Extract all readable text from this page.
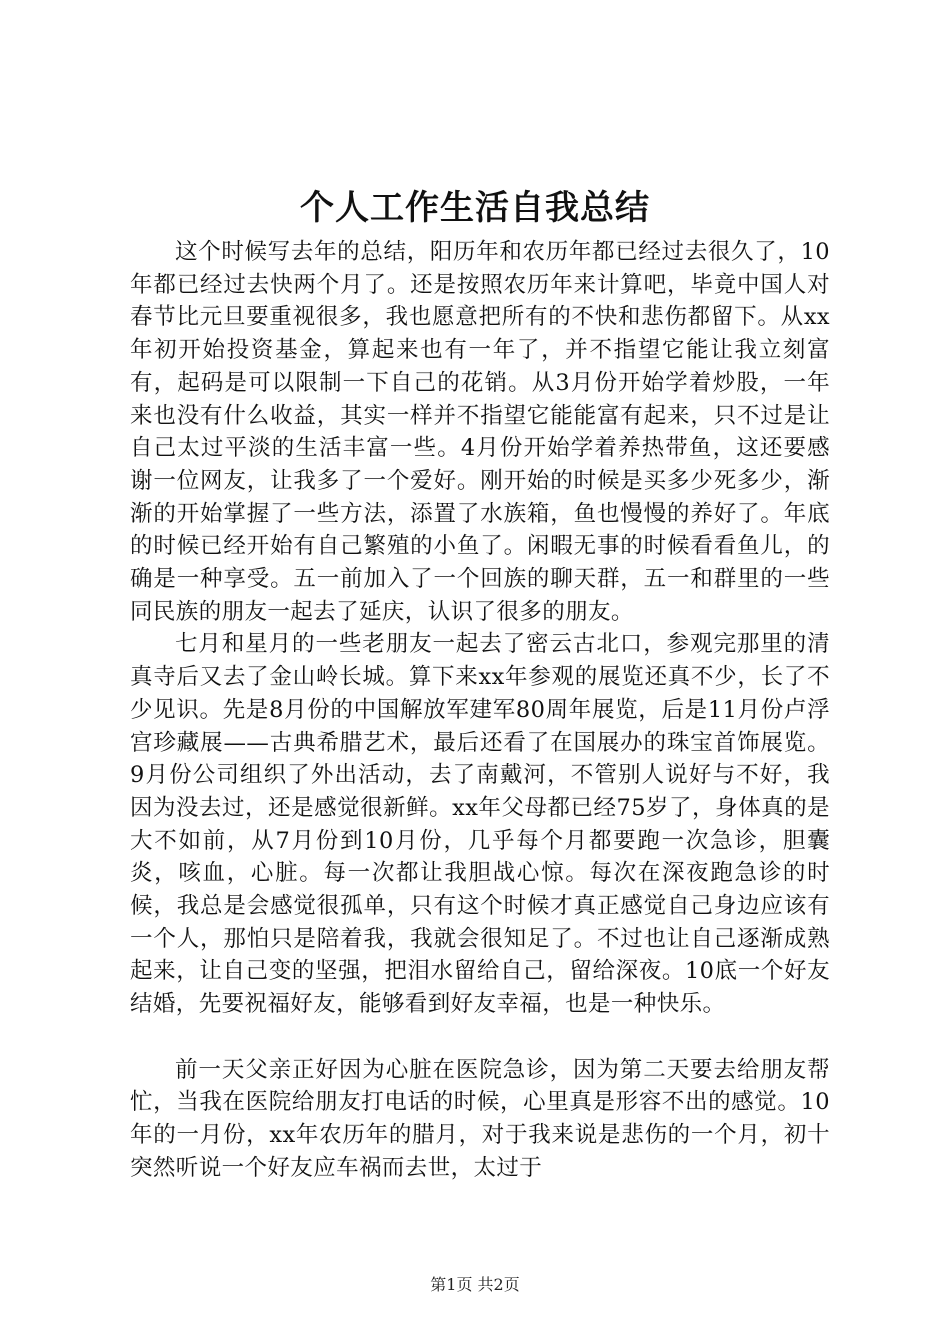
个人工作生活自我总结

这个时候写去年的总结，阳历年和农历年都已经过去很久了，10年都已经过去快两个月了。还是按照农历年来计算吧，毕竟中国人对春节比元旦要重视很多，我也愿意把所有的不快和悲伤都留下。从xx年初开始投资基金，算起来也有一年了，并不指望它能让我立刻富有，起码是可以限制一下自己的花销。从3月份开始学着炒股，一年来也没有什么收益，其实一样并不指望它能能富有起来，只不过是让自己太过平淡的生活丰富一些。4月份开始学着养热带鱼，这还要感谢一位网友，让我多了一个爱好。刚开始的时候是买多少死多少，渐渐的开始掌握了一些方法，添置了水族箱，鱼也慢慢的养好了。年底的时候已经开始有自己繁殖的小鱼了。闲暇无事的时候看看鱼儿，的确是一种享受。五一前加入了一个回族的聊天群，五一和群里的一些同民族的朋友一起去了延庆，认识了很多的朋友。

七月和星月的一些老朋友一起去了密云古北口，参观完那里的清真寺后又去了金山岭长城。算下来xx年参观的展览还真不少，长了不少见识。先是8月份的中国解放军建军80周年展览，后是11月份卢浮宫珍藏展——古典希腊艺术，最后还看了在国展办的珠宝首饰展览。9月份公司组织了外出活动，去了南戴河，不管别人说好与不好，我因为没去过，还是感觉很新鲜。xx年父母都已经75岁了，身体真的是大不如前，从7月份到10月份，几乎每个月都要跑一次急诊，胆囊炎，咳血，心脏。每一次都让我胆战心惊。每次在深夜跑急诊的时候，我总是会感觉很孤单，只有这个时候才真正感觉自己身边应该有一个人，那怕只是陪着我，我就会很知足了。不过也让自己逐渐成熟起来，让自己变的坚强，把泪水留给自己，留给深夜。10底一个好友结婚，先要祝福好友，能够看到好友幸福，也是一种快乐。

前一天父亲正好因为心脏在医院急诊，因为第二天要去给朋友帮忙，当我在医院给朋友打电话的时候，心里真是形容不出的感觉。10年的一月份，xx年农历年的腊月，对于我来说是悲伤的一个月，初十突然听说一个好友应车祸而去世，太过于

第1页 共2页
